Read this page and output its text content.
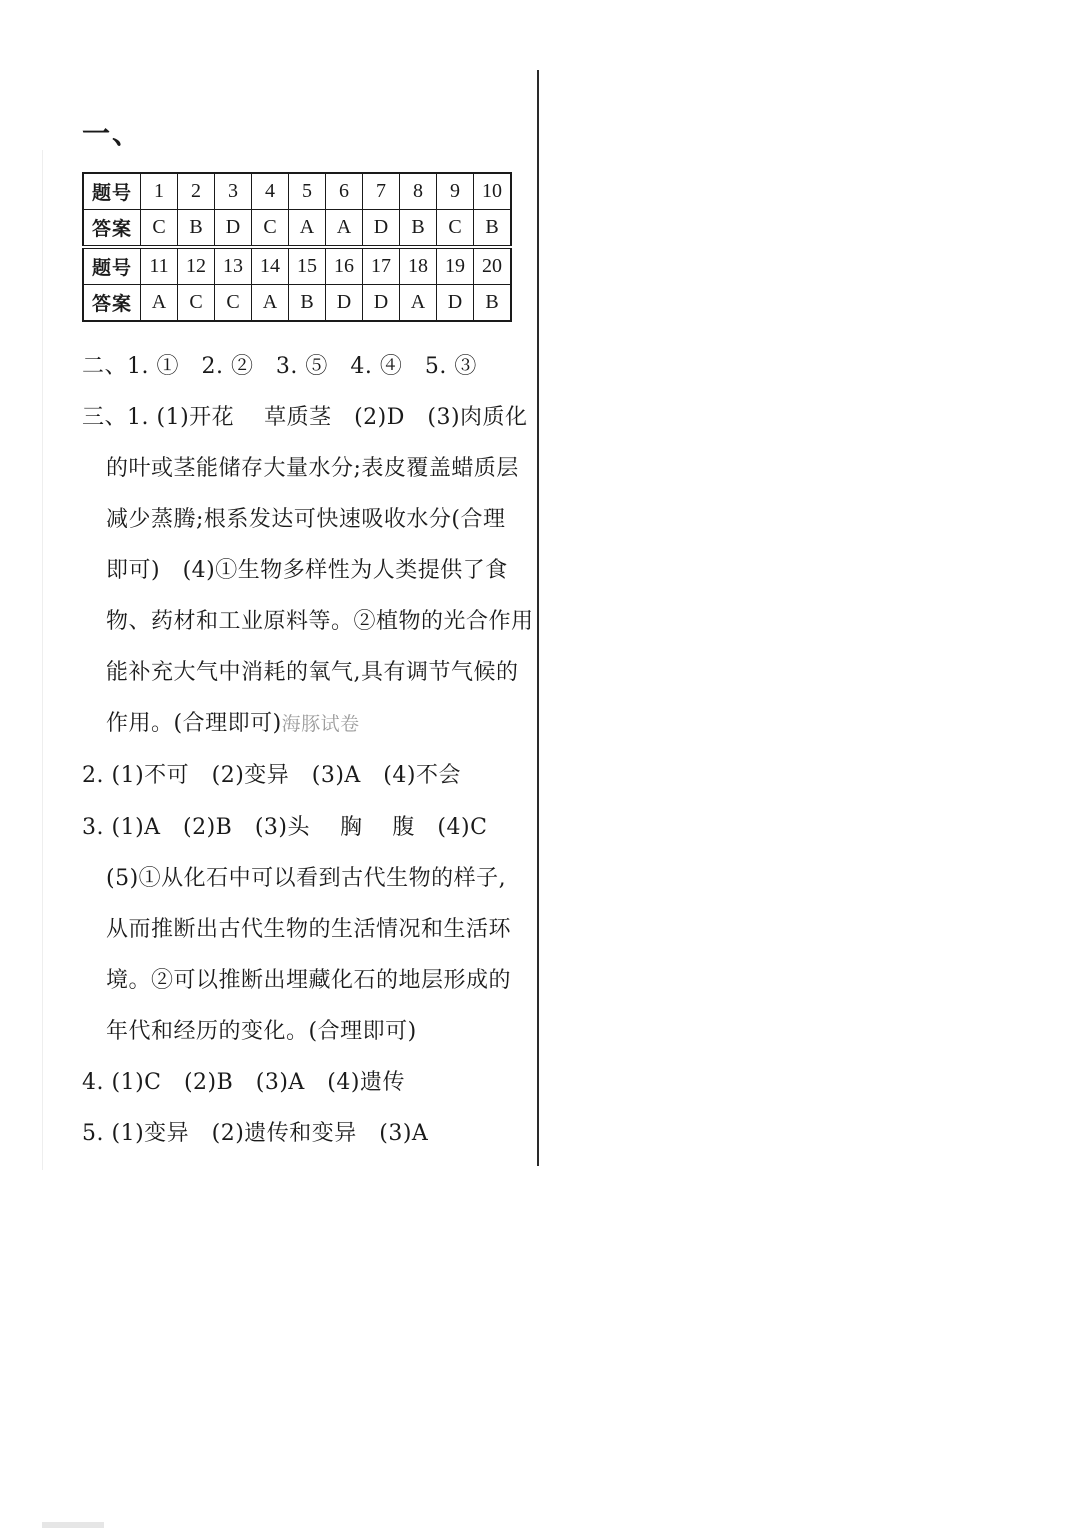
一、
题号	1	2	3	4	5	6	7	8	9	10
答案	C	B	D	C	A	A	D	B	C	B
题号	11	12	13	14	15	16	17	18	19	20
答案	A	C	C	A	B	D	D	A	D	B
二、1. ①   2. ②   3. ⑤   4. ④   5. ③
三、1. (1)开花    草质茎   (2)D   (3)肉质化
的叶或茎能储存大量水分;表皮覆盖蜡质层
减少蒸腾;根系发达可快速吸收水分(合理
即可)   (4)①生物多样性为人类提供了食
物、药材和工业原料等。②植物的光合作用
能补充大气中消耗的氧气,具有调节气候的
作用。(合理即可)海豚试卷
2. (1)不可   (2)变异   (3)A   (4)不会
3. (1)A   (2)B   (3)头    胸    腹   (4)C
(5)①从化石中可以看到古代生物的样子,
从而推断出古代生物的生活情况和生活环
境。②可以推断出埋藏化石的地层形成的
年代和经历的变化。(合理即可)
4. (1)C   (2)B   (3)A   (4)遗传
5. (1)变异   (2)遗传和变异   (3)A
